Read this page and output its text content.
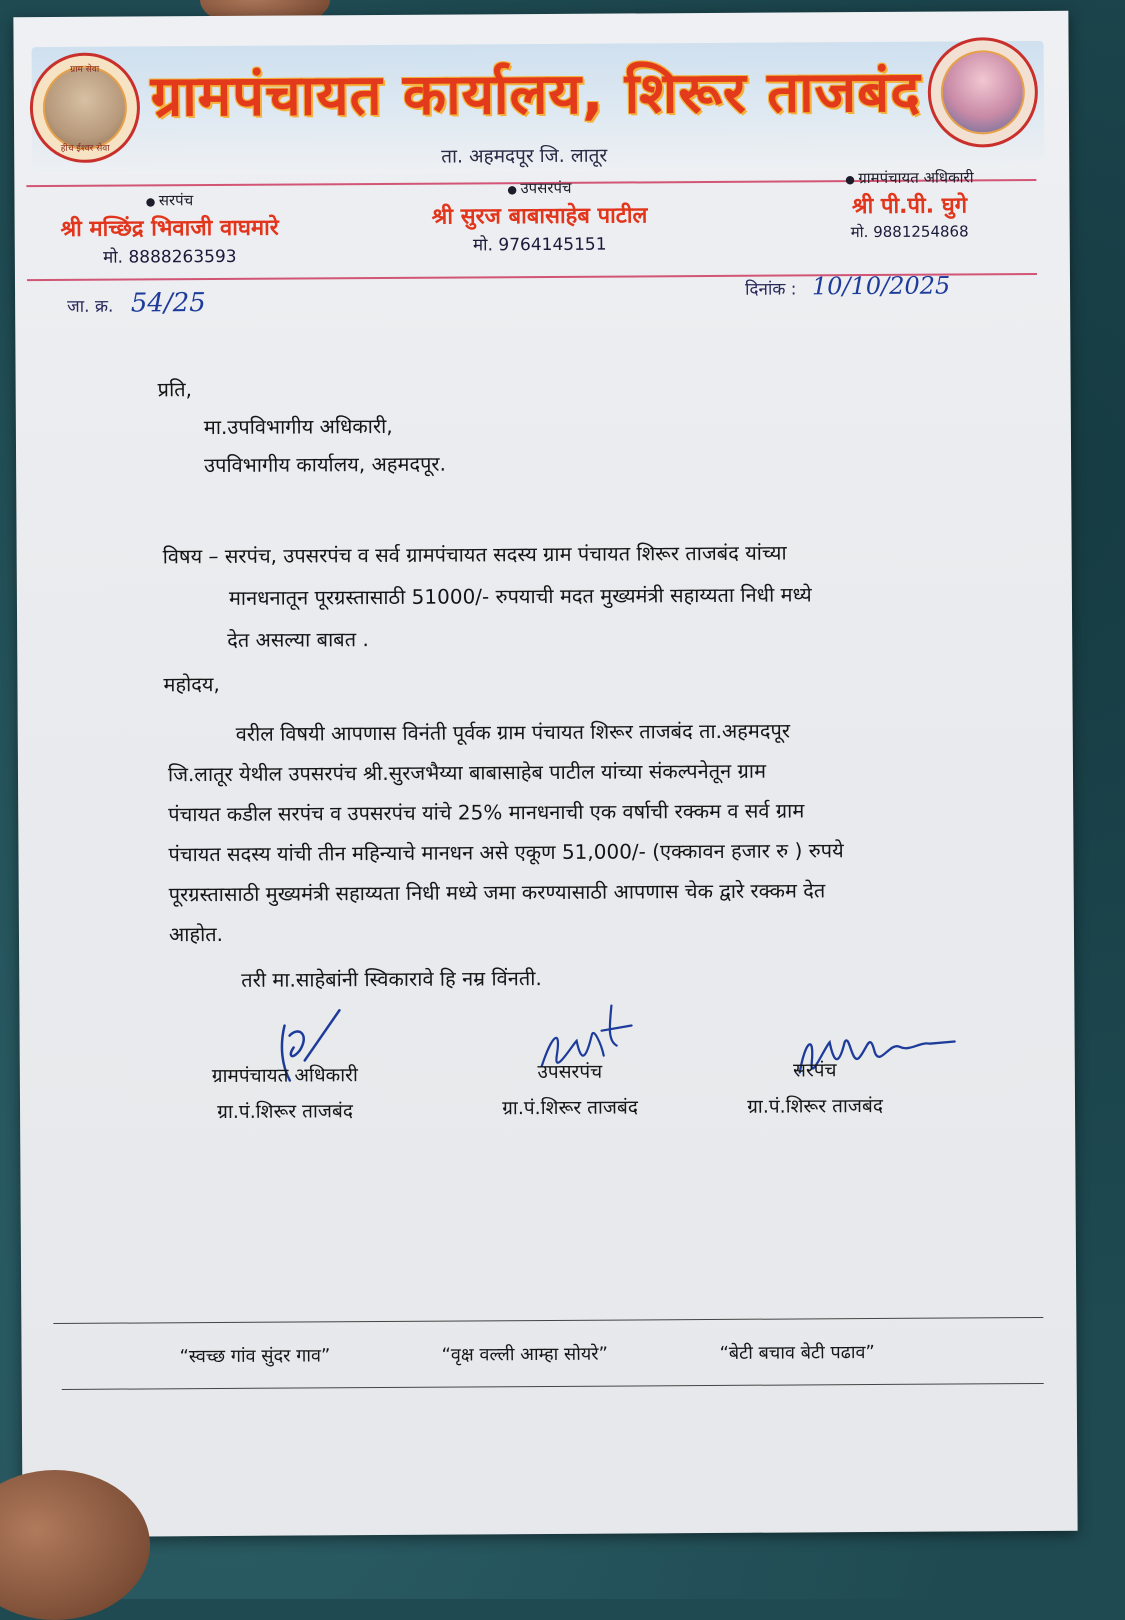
ग्राम सेवा
हीच ईश्वर सेवा
ग्रामपंचायत कार्यालय, शिरूर ताजबंद
ता. अहमदपूर जि. लातूर
● सरपंच
श्री मच्छिंद्र भिवाजी वाघमारे
मो. 8888263593
● उपसरपंच
श्री सुरज बाबासाहेब पाटील
मो. 9764145151
● ग्रामपंचायत अधिकारी
श्री पी.पी. घुगे
मो. 9881254868
जा. क्र. 54/25	दिनांक : 10/10/2025
प्रति,
मा.उपविभागीय अधिकारी,
उपविभागीय कार्यालय, अहमदपूर.
विषय – सरपंच, उपसरपंच व सर्व ग्रामपंचायत सदस्य ग्राम पंचायत शिरूर ताजबंद यांच्या
मानधनातून पूरग्रस्तासाठी 51000/- रुपयाची मदत मुख्यमंत्री सहाय्यता निधी मध्ये
देत असल्या बाबत .
महोदय,
वरील विषयी आपणास विनंती पूर्वक ग्राम पंचायत शिरूर ताजबंद ता.अहमदपूर
जि.लातूर येथील उपसरपंच श्री.सुरजभैय्या बाबासाहेब पाटील यांच्या संकल्पनेतून ग्राम
पंचायत कडील सरपंच व उपसरपंच यांचे 25% मानधनाची एक वर्षाची रक्कम व सर्व ग्राम
पंचायत सदस्य यांची तीन महिन्याचे मानधन असे एकूण 51,000/- (एक्कावन हजार रु ) रुपये
पूरग्रस्तासाठी मुख्यमंत्री सहाय्यता निधी मध्ये जमा करण्यासाठी आपणास चेक द्वारे रक्कम देत
आहोत.
तरी मा.साहेबांनी स्विकारावे हि नम्र विंनती.
ग्रामपंचायत अधिकारी
ग्रा.पं.शिरूर ताजबंद
उपसरपंच
ग्रा.पं.शिरूर ताजबंद
सरपंच
ग्रा.पं.शिरूर ताजबंद
“स्वच्छ गांव सुंदर गाव”	“वृक्ष वल्ली आम्हा सोयरे”	“बेटी बचाव बेटी पढाव”
